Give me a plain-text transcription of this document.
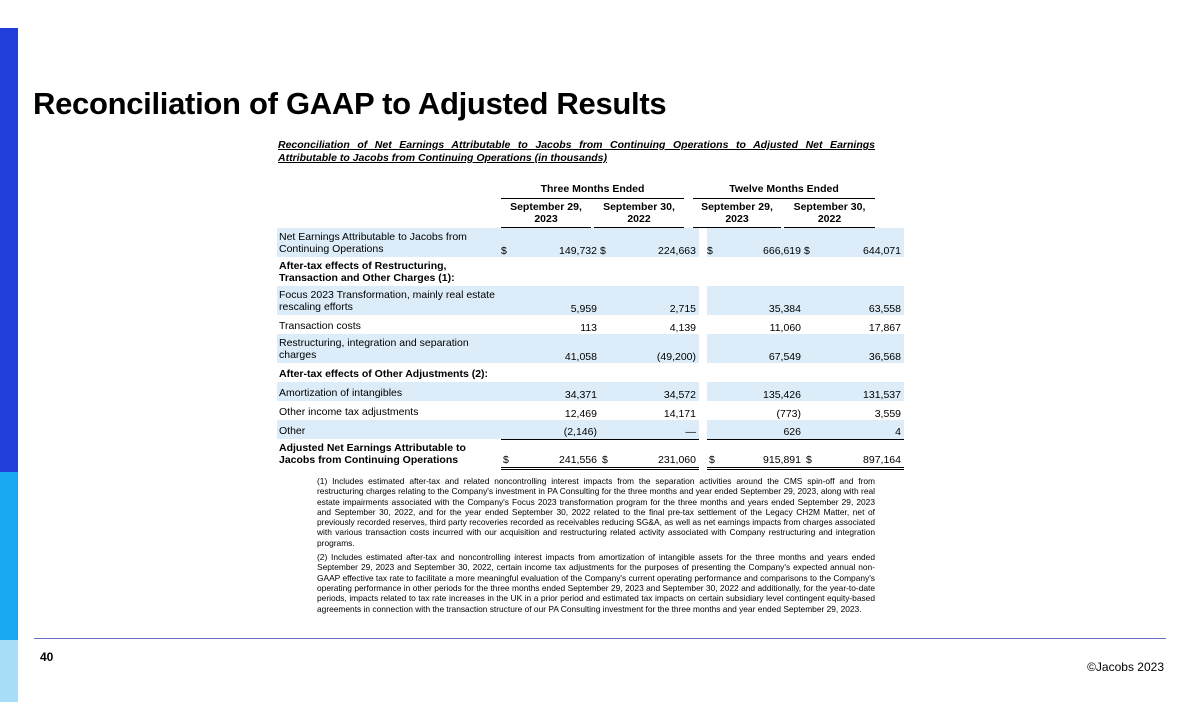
Reconciliation of GAAP to Adjusted Results
Reconciliation of Net Earnings Attributable to Jacobs from Continuing Operations to Adjusted Net Earnings
Attributable to Jacobs from Continuing Operations (in thousands)
Three Months Ended	Twelve Months Ended
September 29,
2023
September 30,
2022
September 29,
2023
September 30,
2022
Net Earnings Attributable to Jacobs from Continuing Operations	$	149,732	$	224,663		$	666,619	$	644,071
After-tax effects of Restructuring, Transaction and Other Charges (1):									
Focus 2023 Transformation, mainly real estate rescaling efforts		5,959		2,715			35,384		63,558
Transaction costs		113		4,139			11,060		17,867
Restructuring, integration and separation charges		41,058		(49,200)			67,549		36,568
After-tax effects of Other Adjustments (2):									
Amortization of intangibles		34,371		34,572			135,426		131,537
Other income tax adjustments		12,469		14,171			(773)		3,559
Other		(2,146)		—			626		4
Adjusted Net Earnings Attributable to Jacobs from Continuing Operations	$	241,556	$	231,060		$	915,891	$	897,164

(1) Includes estimated after-tax and related noncontrolling interest impacts from the separation activities around the CMS spin-off and from restructuring charges relating to the Company's investment in PA Consulting for the three months and year ended September 29, 2023, along with real estate impairments associated with the Company's Focus 2023 transformation program for the three months and years ended September 29, 2023 and September 30, 2022, and for the year ended September 30, 2022 related to the final pre-tax settlement of the Legacy CH2M Matter, net of previously recorded reserves, third party recoveries recorded as receivables reducing SG&A, as well as net earnings impacts from charges associated with various transaction costs incurred with our acquisition and restructuring related activity associated with Company restructuring and integration programs.

(2) Includes estimated after-tax and noncontrolling interest impacts from amortization of intangible assets for the three months and years ended September 29, 2023 and September 30, 2022, certain income tax adjustments for the purposes of presenting the Company's expected annual non-GAAP effective tax rate to facilitate a more meaningful evaluation of the Company's current operating performance and comparisons to the Company's operating performance in other periods for the three months ended September 29, 2023 and September 30, 2022 and additionally, for the year-to-date periods, impacts related to tax rate increases in the UK in a prior period and estimated tax impacts on certain subsidiary level contingent equity-based agreements in connection with the transaction structure of our PA Consulting investment for the three months and year ended September 29, 2023.

40
©Jacobs 2023
